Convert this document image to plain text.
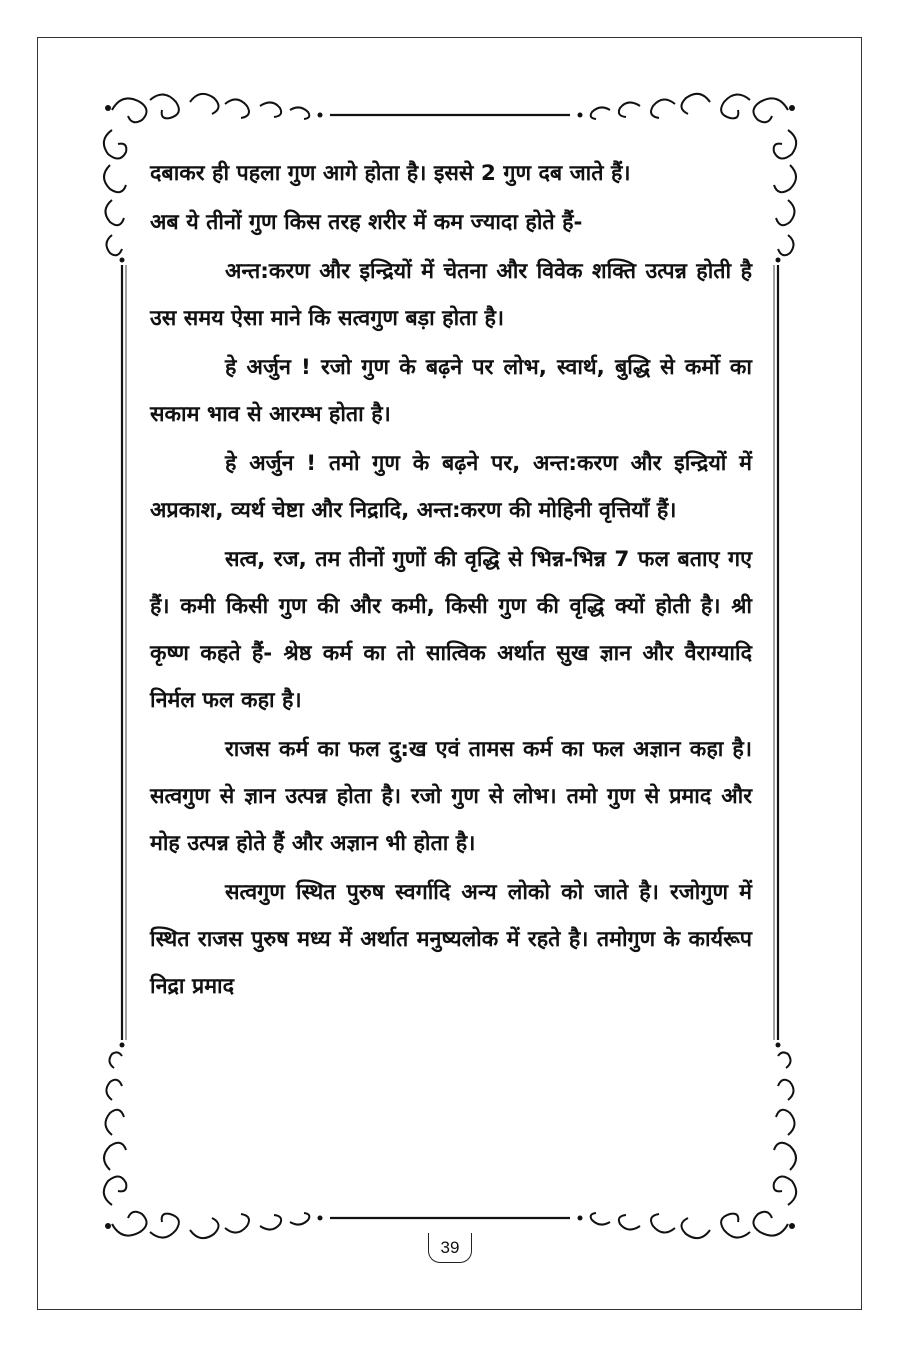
दबाकर ही पहला गुण आगे होता है। इससे 2 गुण दब जाते हैं।

अब ये तीनों गुण किस तरह शरीर में कम ज्यादा होते हैं-

अन्त:करण और इन्द्रियों में चेतना और विवेक शक्ति उत्पन्न होती है उस समय ऐसा माने कि सत्वगुण बड़ा होता है।

हे अर्जुन ! रजो गुण के बढ़ने पर लोभ, स्वार्थ, बुद्धि से कर्मो का सकाम भाव से आरम्भ होता है।

हे अर्जुन ! तमो गुण के बढ़ने पर, अन्त:करण और इन्द्रियों में अप्रकाश, व्यर्थ चेष्टा और निद्रादि, अन्त:करण की मोहिनी वृत्तियाँ हैं।

सत्व, रज, तम तीनों गुणों की वृद्धि से भिन्न-भिन्न 7 फल बताए गए हैं। कमी किसी गुण की और कमी, किसी गुण की वृद्धि क्यों होती है। श्री कृष्ण कहते हैं- श्रेष्ठ कर्म का तो सात्विक अर्थात सुख ज्ञान और वैराग्यादि निर्मल फल कहा है।

राजस कर्म का फल दु:ख एवं तामस कर्म का फल अज्ञान कहा है। सत्वगुण से ज्ञान उत्पन्न होता है। रजो गुण से लोभ। तमो गुण से प्रमाद और मोह उत्पन्न होते हैं और अज्ञान भी होता है।

सत्वगुण स्थित पुरुष स्वर्गादि अन्य लोको को जाते है। रजोगुण में स्थित राजस पुरुष मध्य में अर्थात मनुष्यलोक में रहते है। तमोगुण के कार्यरूप निद्रा प्रमाद

39
